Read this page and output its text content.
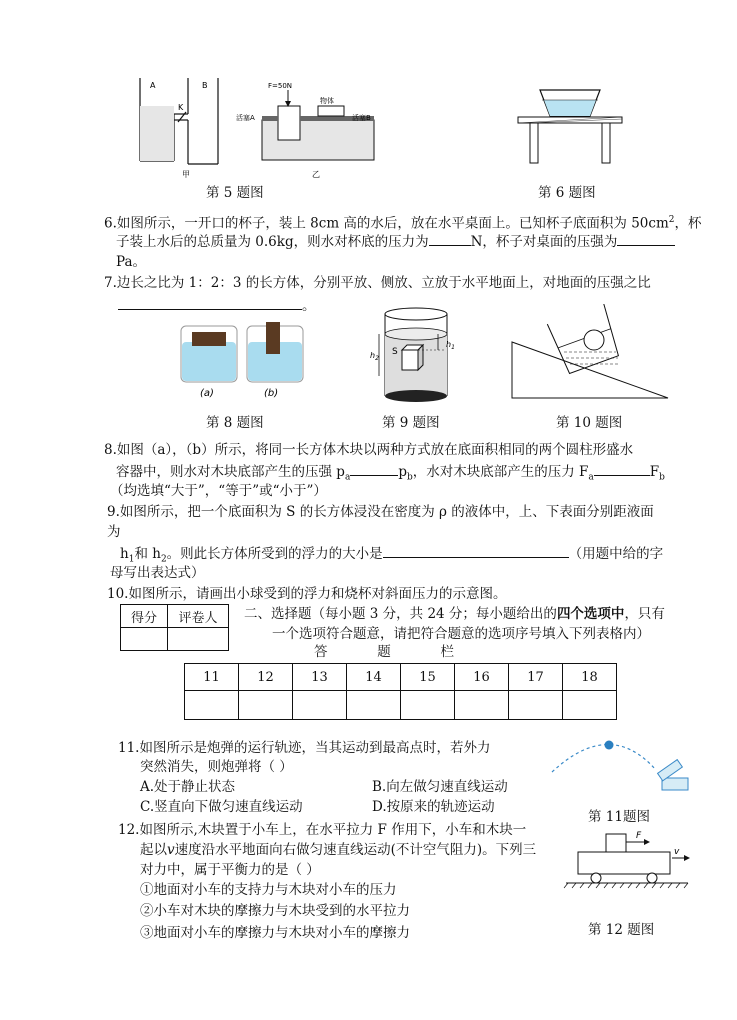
A	B
K
甲
物体
F=50N
活塞A	活塞B
乙
第 5 题图	第 6 题图
6.如图所示，一开口的杯子，装上 8cm 高的水后，放在水平桌面上。已知杯子底面积为 $50cm^2$，杯
子装上水后的总质量为 0.6kg，则水对杯底的压力为	N，杯子对桌面的压强为
Pa。
7.边长之比为 1：2：3 的长方体，分别平放、侧放、立放于水平地面上，对地面的压强之比
。
(a)	(b)
第 8 题图
S
$h_2$
$h_1$
第 9 题图	第 10 题图
8.如图（a），（b）所示，将同一长方体木块以两种方式放在底面积相同的两个圆柱形盛水
容器中，则水对木块底部产生的压强 $p_a$	$p_b$，水对木块底部产生的压力 $F_a$	$F_b$
（均选填“大于”，“等于”或“小于”）
9.如图所示，把一个底面积为 S 的长方体浸没在密度为 ρ 的液体中，上、下表面分别距液面
为
$h_1$和 $h_2$。则此长方体所受到的浮力的大小是	（用题中给的字
母写出表达式）
10.如图所示，请画出小球受到的浮力和烧杯对斜面压力的示意图。
得分	评卷人
	二、选择题（每小题 3 分，共 24 分；每小题给出的四个选项中，只有
一个选项符合题意，请把符合题意的选项序号填入下列表格内）
答	题	栏
11	12	13	14	15	16	17	18

11.如图所示是炮弹的运行轨迹，当其运动到最高点时，若外力
突然消失，则炮弹将（ ）
A.处于静止状态	B.向左做匀速直线运动
C.竖直向下做匀速直线运动	D.按原来的轨迹运动
第 11题图
12.如图所示,木块置于小车上，在水平拉力 F 作用下，小车和木块一
起以v速度沿水平地面向右做匀速直线运动(不计空气阻力)。下列三
对力中，属于平衡力的是（ ）
①地面对小车的支持力与木块对小车的压力
②小车对木块的摩擦力与木块受到的水平拉力
③地面对小车的摩擦力与木块对小车的摩擦力
F
v
第 12 题图
